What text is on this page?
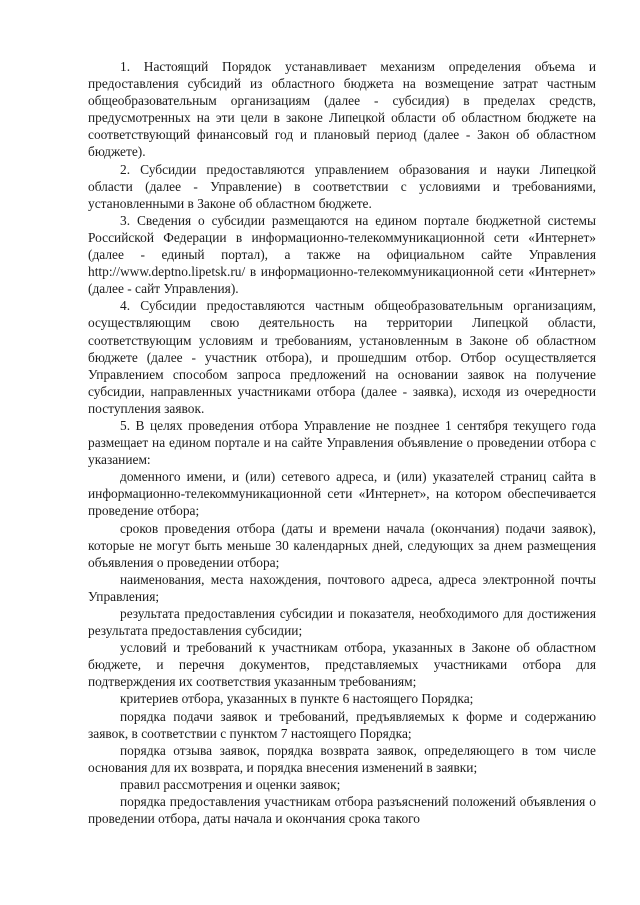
1. Настоящий Порядок устанавливает механизм определения объема и предоставления субсидий из областного бюджета на возмещение затрат частным общеобразовательным организациям (далее - субсидия) в пределах средств, предусмотренных на эти цели в законе Липецкой области об областном бюджете на соответствующий финансовый год и плановый период (далее - Закон об областном бюджете).

2. Субсидии предоставляются управлением образования и науки Липецкой области (далее - Управление) в соответствии с условиями и требованиями, установленными в Законе об областном бюджете.

3. Сведения о субсидии размещаются на едином портале бюджетной системы Российской Федерации в информационно-телекоммуникационной сети «Интернет» (далее - единый портал), а также на официальном сайте Управления http://www.deptno.lipetsk.ru/ в информационно-телекоммуникационной сети «Интернет» (далее - сайт Управления).

4. Субсидии предоставляются частным общеобразовательным организациям, осуществляющим свою деятельность на территории Липецкой области, соответствующим условиям и требованиям, установленным в Законе об областном бюджете (далее - участник отбора), и прошедшим отбор. Отбор осуществляется Управлением способом запроса предложений на основании заявок на получение субсидии, направленных участниками отбора (далее - заявка), исходя из очередности поступления заявок.

5. В целях проведения отбора Управление не позднее 1 сентября текущего года размещает на едином портале и на сайте Управления объявление о проведении отбора с указанием:

доменного имени, и (или) сетевого адреса, и (или) указателей страниц сайта в информационно-телекоммуникационной сети «Интернет», на котором обеспечивается проведение отбора;

сроков проведения отбора (даты и времени начала (окончания) подачи заявок), которые не могут быть меньше 30 календарных дней, следующих за днем размещения объявления о проведении отбора;

наименования, места нахождения, почтового адреса, адреса электронной почты Управления;

результата предоставления субсидии и показателя, необходимого для достижения результата предоставления субсидии;

условий и требований к участникам отбора, указанных в Законе об областном бюджете, и перечня документов, представляемых участниками отбора для подтверждения их соответствия указанным требованиям;

критериев отбора, указанных в пункте 6 настоящего Порядка;

порядка подачи заявок и требований, предъявляемых к форме и содержанию заявок, в соответствии с пунктом 7 настоящего Порядка;

порядка отзыва заявок, порядка возврата заявок, определяющего в том числе основания для их возврата, и порядка внесения изменений в заявки;

правил рассмотрения и оценки заявок;

порядка предоставления участникам отбора разъяснений положений объявления о проведении отбора, даты начала и окончания срока такого
